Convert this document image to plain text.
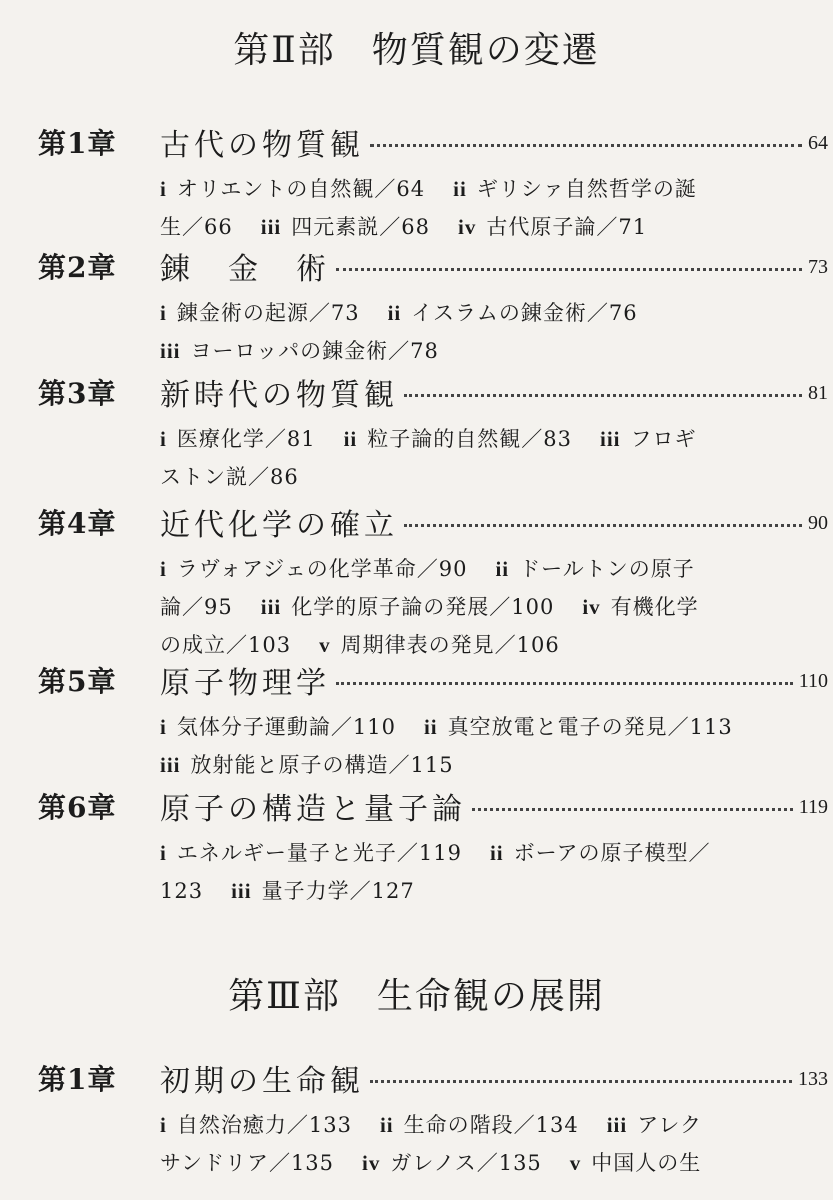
第Ⅱ部 物質観の変遷
第1章 古代の物質観	64
i オリエントの自然観／64 ii ギリシァ自然哲学の誕
生／66 iii 四元素説／68 iv 古代原子論／71
第2章 錬　金　術	73
i 錬金術の起源／73 ii イスラムの錬金術／76
iii ヨーロッパの錬金術／78
第3章 新時代の物質観	81
i 医療化学／81 ii 粒子論的自然観／83 iii フロギ
ストン説／86
第4章 近代化学の確立	90
i ラヴォアジェの化学革命／90 ii ドールトンの原子
論／95 iii 化学的原子論の発展／100 iv 有機化学
の成立／103 v 周期律表の発見／106
第5章 原子物理学	110
i 気体分子運動論／110 ii 真空放電と電子の発見／113
iii 放射能と原子の構造／115
第6章 原子の構造と量子論	119
i エネルギー量子と光子／119 ii ボーアの原子模型／
123 iii 量子力学／127
第Ⅲ部 生命観の展開
第1章 初期の生命観	133
i 自然治癒力／133 ii 生命の階段／134 iii アレク
サンドリア／135 iv ガレノス／135 v 中国人の生
